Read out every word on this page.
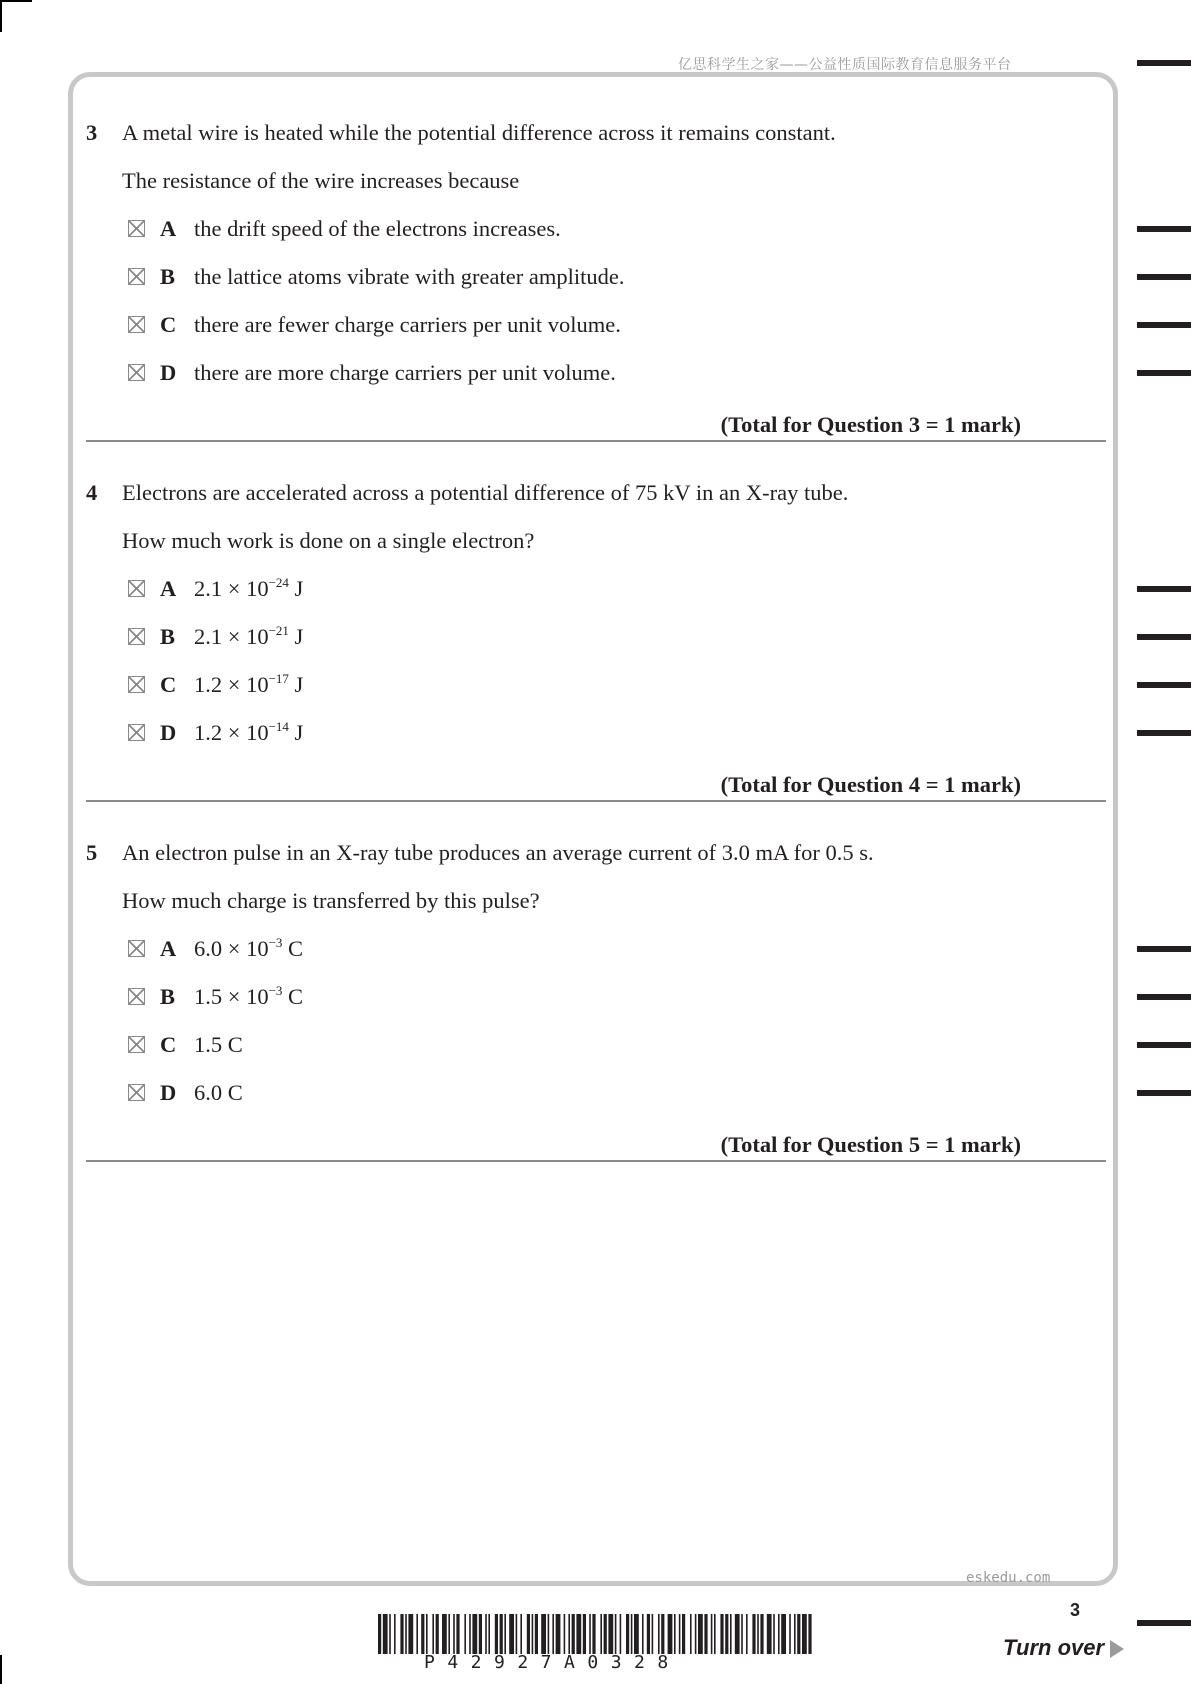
亿思科学生之家——公益性质国际教育信息服务平台
3 A metal wire is heated while the potential difference across it remains constant.
The resistance of the wire increases because
A the drift speed of the electrons increases.
B the lattice atoms vibrate with greater amplitude.
C there are fewer charge carriers per unit volume.
D there are more charge carriers per unit volume.
(Total for Question 3 = 1 mark)
4 Electrons are accelerated across a potential difference of 75 kV in an X-ray tube.
How much work is done on a single electron?
A $2.1 \times 10^{-24}$ J
B $2.1 \times 10^{-21}$ J
C $1.2 \times 10^{-17}$ J
D $1.2 \times 10^{-14}$ J
(Total for Question 4 = 1 mark)
5 An electron pulse in an X-ray tube produces an average current of 3.0 mA for 0.5 s.
How much charge is transferred by this pulse?
A $6.0 \times 10^{-3}$ C
B $1.5 \times 10^{-3}$ C
C 1.5 C
D 6.0 C
(Total for Question 5 = 1 mark)
eskedu.com
3
Turn over
P42927A0328
